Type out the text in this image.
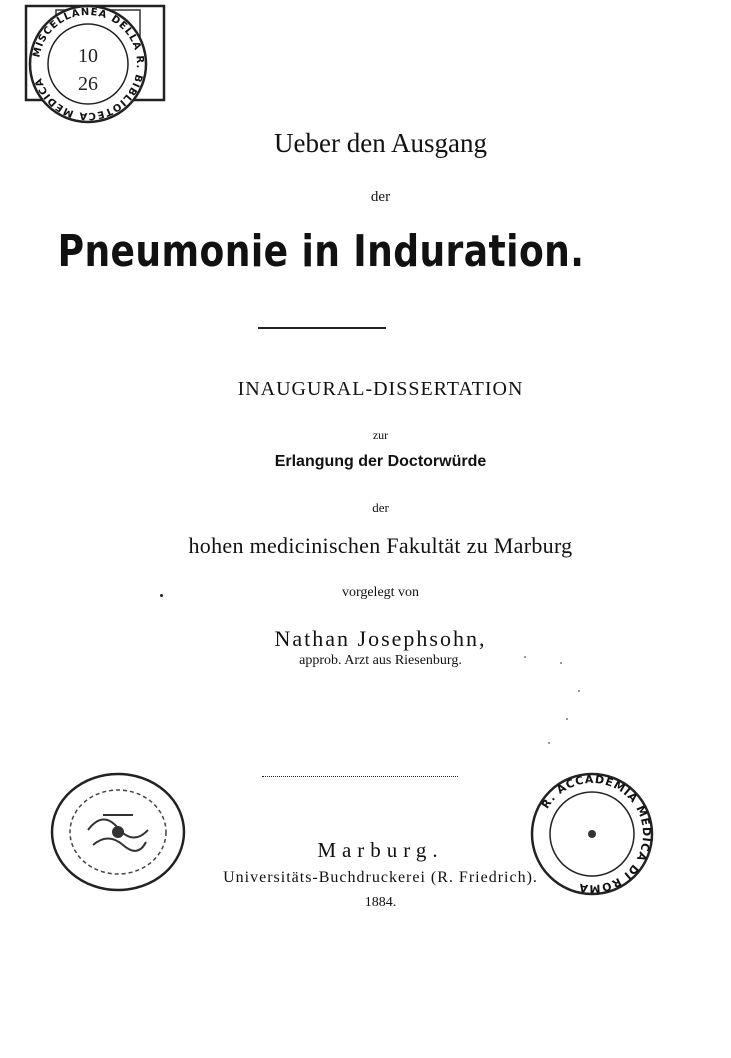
MISCELLANEA DELLA R. BIBLIOTECA MEDICA
10
26
Ueber den Ausgang
der
Pneumonie in Induration.
INAUGURAL-DISSERTATION
zur
Erlangung der Doctorwürde
der
hohen medicinischen Fakultät zu Marburg
vorgelegt von
Nathan Josephsohn,
approb. Arzt aus Riesenburg.
R. ACCADEMIA MEDICA DI ROMA
Marburg.
Universitäts-Buchdruckerei (R. Friedrich).
1884.
